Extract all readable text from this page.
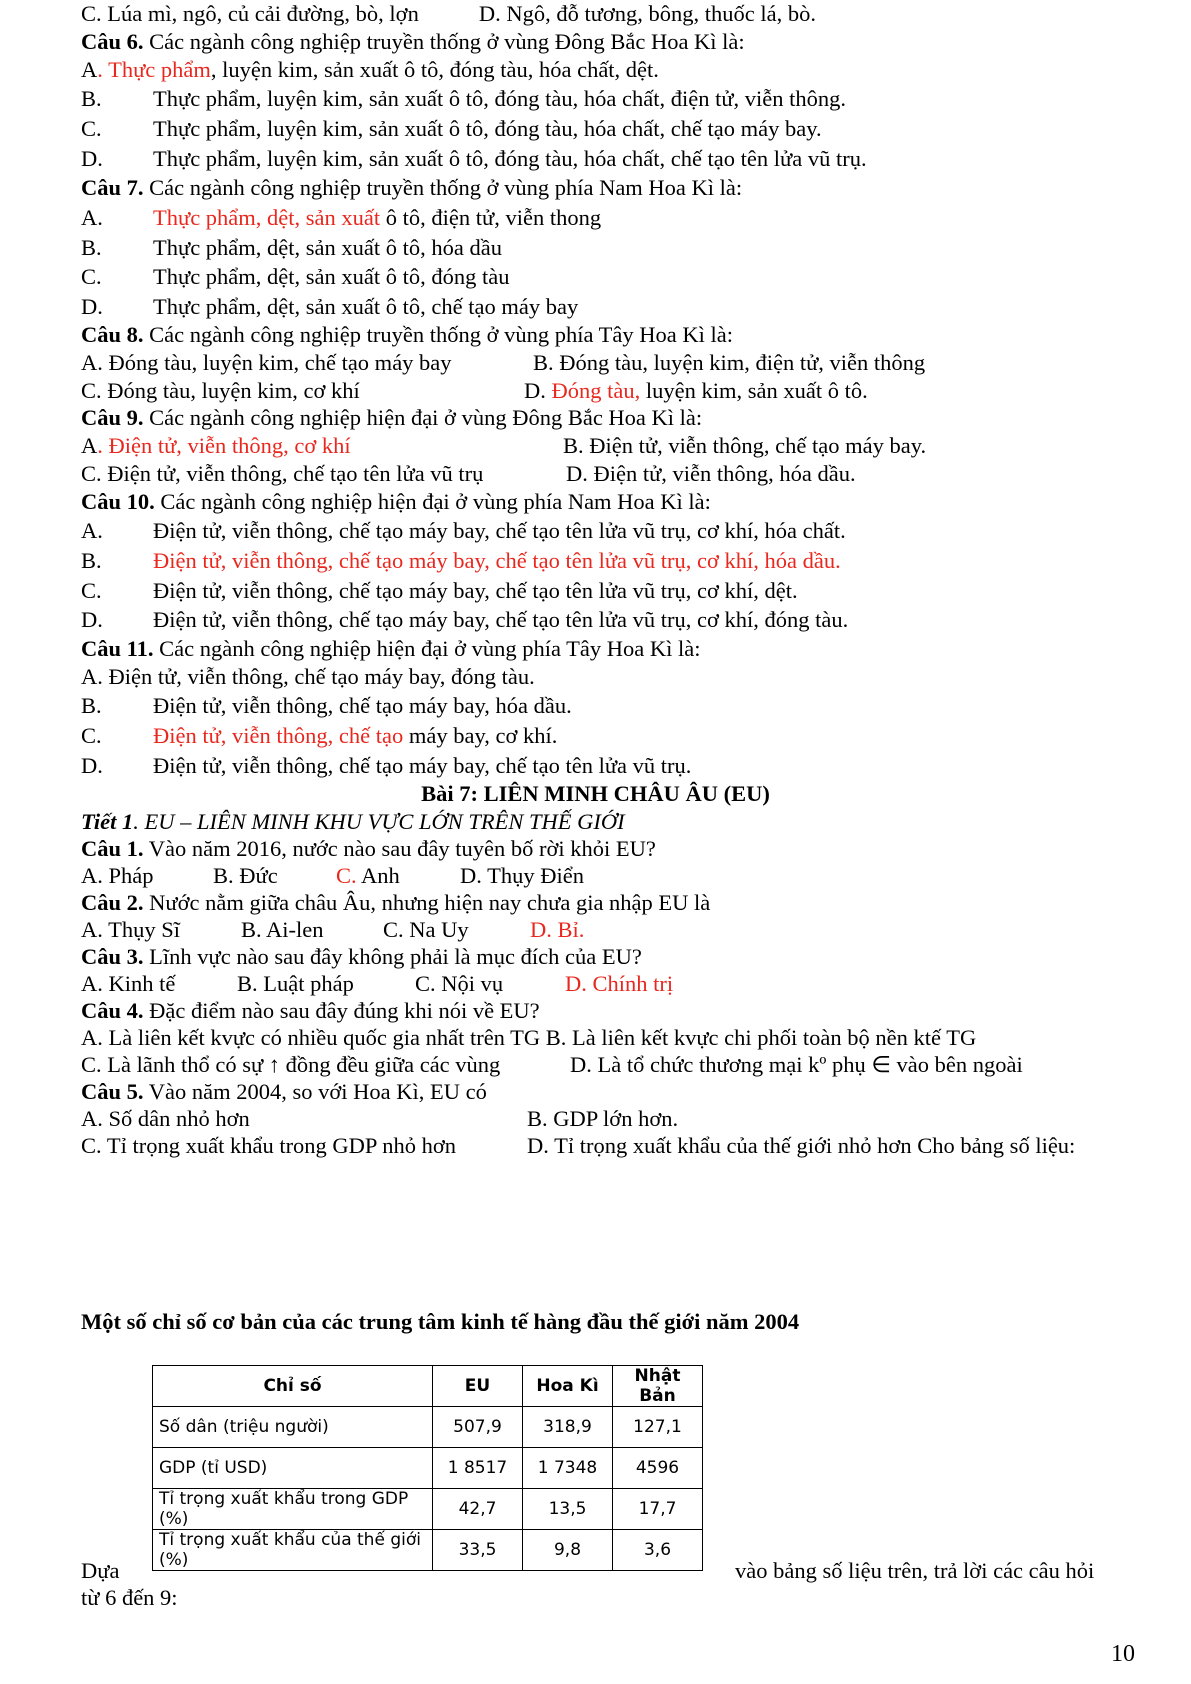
C. Lúa mì, ngô, củ cải đường, bò, lợn	D. Ngô, đỗ tương, bông, thuốc lá, bò.
Câu 6. Các ngành công nghiệp truyền thống ở vùng Đông Bắc Hoa Kì là:
A. Thực phẩm, luyện kim, sản xuất ô tô, đóng tàu, hóa chất, dệt.
B. Thực phẩm, luyện kim, sản xuất ô tô, đóng tàu, hóa chất, điện tử, viễn thông.
C. Thực phẩm, luyện kim, sản xuất ô tô, đóng tàu, hóa chất, chế tạo máy bay.
D. Thực phẩm, luyện kim, sản xuất ô tô, đóng tàu, hóa chất, chế tạo tên lửa vũ trụ.
Câu 7. Các ngành công nghiệp truyền thống ở vùng phía Nam Hoa Kì là:
A. Thực phẩm, dệt, sản xuất ô tô, điện tử, viễn thong
B. Thực phẩm, dệt, sản xuất ô tô, hóa dầu
C. Thực phẩm, dệt, sản xuất ô tô, đóng tàu
D. Thực phẩm, dệt, sản xuất ô tô, chế tạo máy bay
Câu 8. Các ngành công nghiệp truyền thống ở vùng phía Tây Hoa Kì là:
A. Đóng tàu, luyện kim, chế tạo máy bay	B. Đóng tàu, luyện kim, điện tử, viễn thông
C. Đóng tàu, luyện kim, cơ khí	D. Đóng tàu, luyện kim, sản xuất ô tô.
Câu 9. Các ngành công nghiệp hiện đại ở vùng Đông Bắc Hoa Kì là:
A. Điện tử, viễn thông, cơ khí	B. Điện tử, viễn thông, chế tạo máy bay.
C. Điện tử, viễn thông, chế tạo tên lửa vũ trụ	D. Điện tử, viễn thông, hóa dầu.
Câu 10. Các ngành công nghiệp hiện đại ở vùng phía Nam Hoa Kì là:
A. Điện tử, viễn thông, chế tạo máy bay, chế tạo tên lửa vũ trụ, cơ khí, hóa chất.
B. Điện tử, viễn thông, chế tạo máy bay, chế tạo tên lửa vũ trụ, cơ khí, hóa dầu.
C. Điện tử, viễn thông, chế tạo máy bay, chế tạo tên lửa vũ trụ, cơ khí, dệt.
D. Điện tử, viễn thông, chế tạo máy bay, chế tạo tên lửa vũ trụ, cơ khí, đóng tàu.
Câu 11. Các ngành công nghiệp hiện đại ở vùng phía Tây Hoa Kì là:
A. Điện tử, viễn thông, chế tạo máy bay, đóng tàu.
B. Điện tử, viễn thông, chế tạo máy bay, hóa dầu.
C. Điện tử, viễn thông, chế tạo máy bay, cơ khí.
D. Điện tử, viễn thông, chế tạo máy bay, chế tạo tên lửa vũ trụ.
Bài 7: LIÊN MINH CHÂU ÂU (EU)
Tiết 1. EU – LIÊN MINH KHU VỰC LỚN TRÊN THẾ GIỚI
Câu 1. Vào năm 2016, nước nào sau đây tuyên bố rời khỏi EU?
A. Pháp	B. Đức	C. Anh	D. Thụy Điển
Câu 2. Nước nằm giữa châu Âu, nhưng hiện nay chưa gia nhập EU là
A. Thụy Sĩ	B. Ai-len	C. Na Uy	D. Bỉ.
Câu 3. Lĩnh vực nào sau đây không phải là mục đích của EU?
A. Kinh tế	B. Luật pháp	C. Nội vụ	D. Chính trị
Câu 4. Đặc điểm nào sau đây đúng khi nói về EU?
A. Là liên kết kvực có nhiều quốc gia nhất trên TG B. Là liên kết kvực chi phối toàn bộ nền ktế TG
C. Là lãnh thổ có sự ↑ đồng đều giữa các vùng	D. Là tổ chức thương mại kº phụ ∈ vào bên ngoài
Câu 5. Vào năm 2004, so với Hoa Kì, EU có
A. Số dân nhỏ hơn	B. GDP lớn hơn.
C. Tỉ trọng xuất khẩu trong GDP nhỏ hơn	D. Tỉ trọng xuất khẩu của thế giới nhỏ hơn Cho bảng số liệu:
Một số chỉ số cơ bản của các trung tâm kinh tế hàng đầu thế giới năm 2004
Chỉ số	EU	Hoa Kì	Nhật Bản
Số dân (triệu người)	507,9	318,9	127,1
GDP (tỉ USD)	1 8517	1 7348	4596
Tỉ trọng xuất khẩu trong GDP (%)	42,7	13,5	17,7
Tỉ trọng xuất khẩu của thế giới (%)	33,5	9,8	3,6
Dựa	vào bảng số liệu trên, trả lời các câu hỏi
từ 6 đến 9:
10
